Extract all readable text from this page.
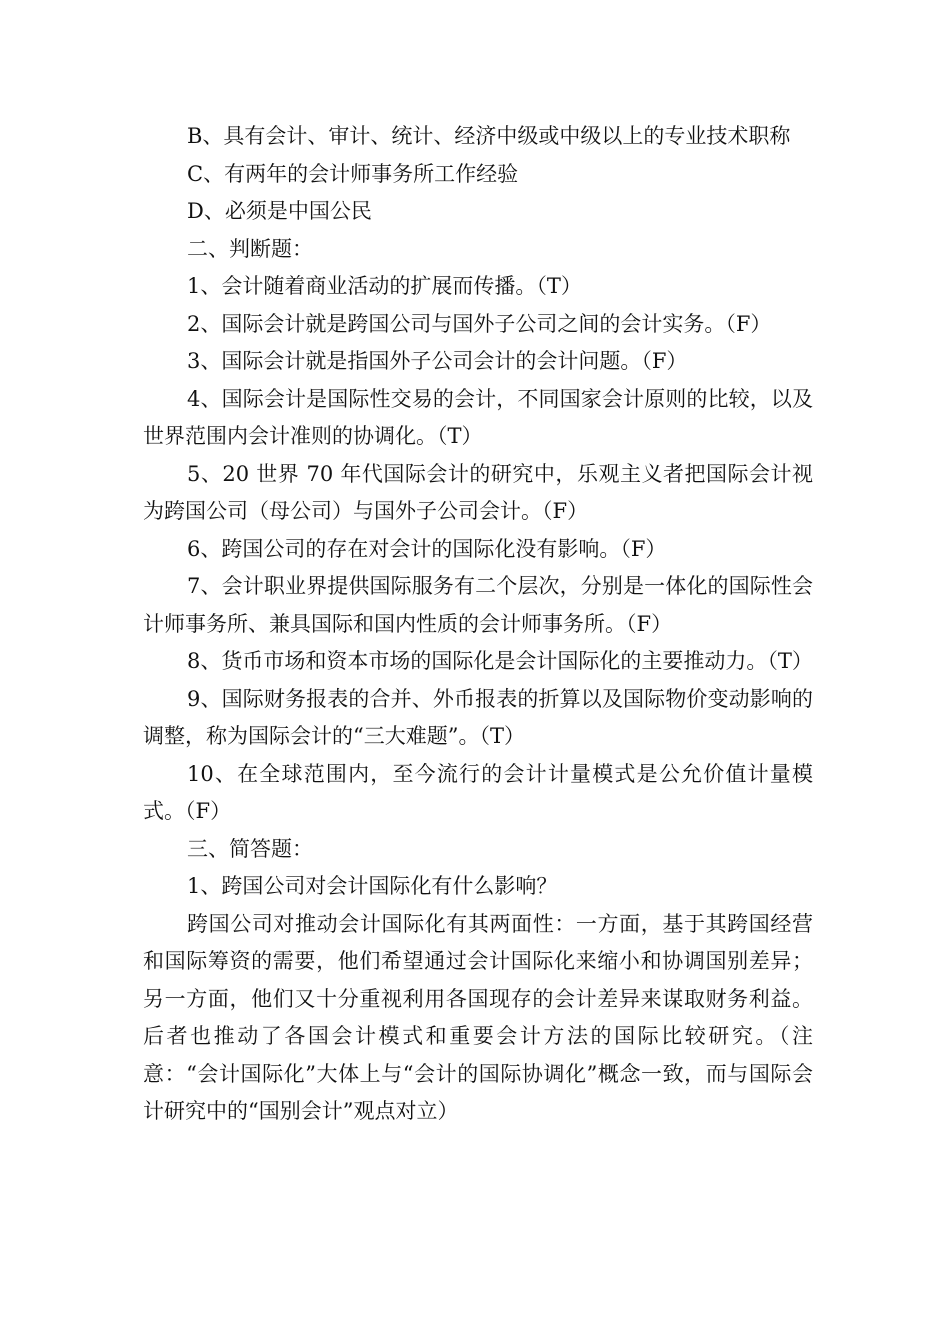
B、具有会计、审计、统计、经济中级或中级以上的专业技术职称

C、有两年的会计师事务所工作经验

D、必须是中国公民

二、判断题：

1、会计随着商业活动的扩展而传播。（T）

2、国际会计就是跨国公司与国外子公司之间的会计实务。（F）

3、国际会计就是指国外子公司会计的会计问题。（F）

4、国际会计是国际性交易的会计，不同国家会计原则的比较，以及世界范围内会计准则的协调化。（T）

5、20 世界 70 年代国际会计的研究中，乐观主义者把国际会计视为跨国公司（母公司）与国外子公司会计。（F）

6、跨国公司的存在对会计的国际化没有影响。（F）

7、会计职业界提供国际服务有二个层次，分别是一体化的国际性会计师事务所、兼具国际和国内性质的会计师事务所。（F）

8、货币市场和资本市场的国际化是会计国际化的主要推动力。（T）

9、国际财务报表的合并、外币报表的折算以及国际物价变动影响的调整，称为国际会计的“三大难题”。（T）

10、在全球范围内，至今流行的会计计量模式是公允价值计量模式。（F）

三、简答题：

1、跨国公司对会计国际化有什么影响？

跨国公司对推动会计国际化有其两面性：一方面，基于其跨国经营和国际筹资的需要，他们希望通过会计国际化来缩小和协调国别差异；另一方面，他们又十分重视利用各国现存的会计差异来谋取财务利益。后者也推动了各国会计模式和重要会计方法的国际比较研究。（注意：“会计国际化”大体上与“会计的国际协调化”概念一致，而与国际会计研究中的“国别会计”观点对立）
